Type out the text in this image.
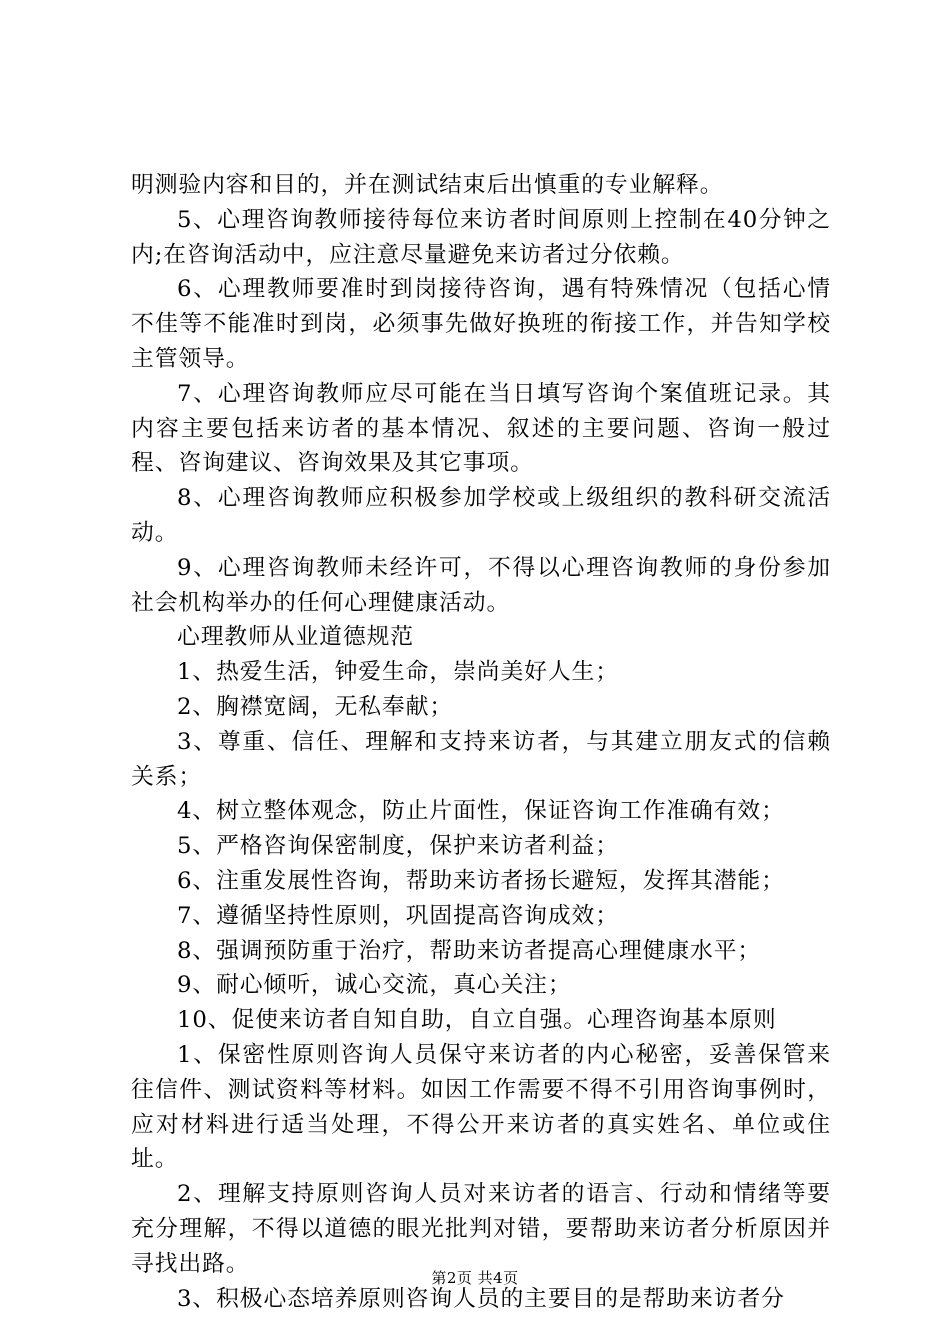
明测验内容和目的，并在测试结束后出慎重的专业解释。

5、心理咨询教师接待每位来访者时间原则上控制在40分钟之内;在咨询活动中，应注意尽量避免来访者过分依赖。

6、心理教师要准时到岗接待咨询，遇有特殊情况（包括心情不佳等不能准时到岗，必须事先做好换班的衔接工作，并告知学校主管领导。

7、心理咨询教师应尽可能在当日填写咨询个案值班记录。其内容主要包括来访者的基本情况、叙述的主要问题、咨询一般过程、咨询建议、咨询效果及其它事项。

8、心理咨询教师应积极参加学校或上级组织的教科研交流活动。

9、心理咨询教师未经许可，不得以心理咨询教师的身份参加社会机构举办的任何心理健康活动。

心理教师从业道德规范

1、热爱生活，钟爱生命，崇尚美好人生；

2、胸襟宽阔，无私奉献；

3、尊重、信任、理解和支持来访者，与其建立朋友式的信赖关系；

4、树立整体观念，防止片面性，保证咨询工作准确有效；

5、严格咨询保密制度，保护来访者利益；

6、注重发展性咨询，帮助来访者扬长避短，发挥其潜能；

7、遵循坚持性原则，巩固提高咨询成效；

8、强调预防重于治疗，帮助来访者提高心理健康水平；

9、耐心倾听，诚心交流，真心关注；

10、促使来访者自知自助，自立自强。心理咨询基本原则

1、保密性原则咨询人员保守来访者的内心秘密，妥善保管来往信件、测试资料等材料。如因工作需要不得不引用咨询事例时，应对材料进行适当处理，不得公开来访者的真实姓名、单位或住址。

2、理解支持原则咨询人员对来访者的语言、行动和情绪等要充分理解，不得以道德的眼光批判对错，要帮助来访者分析原因并寻找出路。

3、积极心态培养原则咨询人员的主要目的是帮助来访者分

第2页 共4页
